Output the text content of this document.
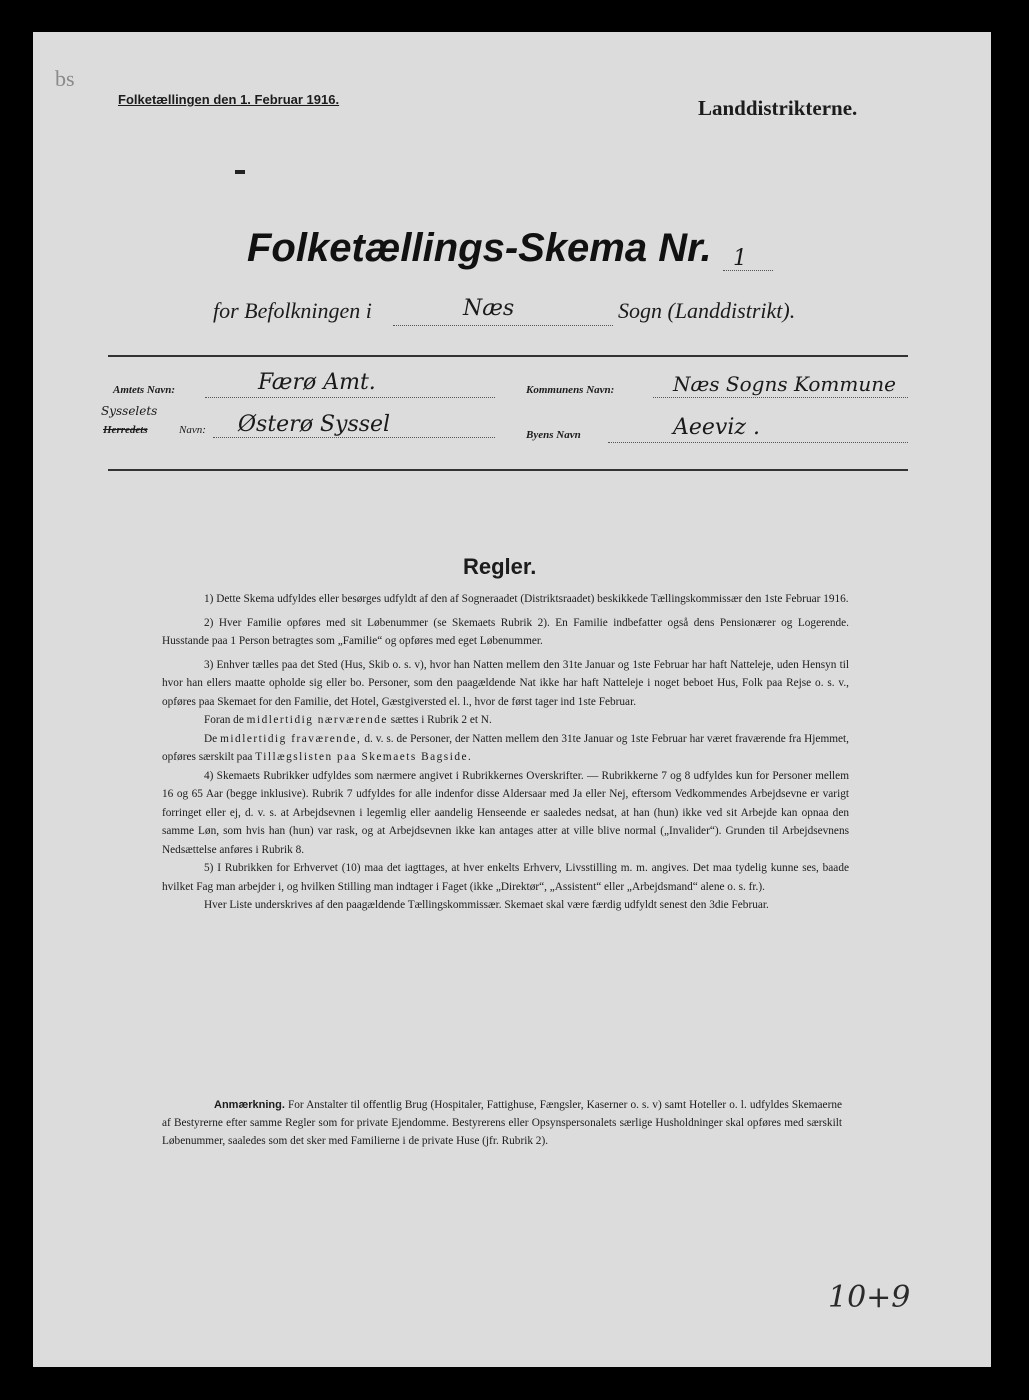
bs
Folketællingen den 1. Februar 1916.	Landdistrikterne.
Folketællings-Skema Nr. 1
for Befolkningen i	Næs	Sogn (Landdistrikt).
Amtets Navn:	Færø Amt.	Kommunens Navn:	Næs Sogns Kommune
Sysselets
Herredets	Navn: Østerø Syssel	Byens Navn	Aeeviz .
Regler.

1) Dette Skema udfyldes eller besørges udfyldt af den af Sogneraadet (Distriktsraadet) beskikkede Tællingskommissær den 1ste Februar 1916.

2) Hver Familie opføres med sit Løbenummer (se Skemaets Rubrik 2). En Familie indbefatter også dens Pensionærer og Logerende. Husstande paa 1 Person betragtes som „Familie“ og opføres med eget Løbenummer.

3) Enhver tælles paa det Sted (Hus, Skib o. s. v), hvor han Natten mellem den 31te Januar og 1ste Februar har haft Natteleje, uden Hensyn til hvor han ellers maatte opholde sig eller bo. Personer, som den paagældende Nat ikke har haft Natteleje i noget beboet Hus, Folk paa Rejse o. s. v., opføres paa Skemaet for den Familie, det Hotel, Gæstgiversted el. l., hvor de først tager ind 1ste Februar.

Foran de midlertidig nærværende sættes i Rubrik 2 et N.

De midlertidig fraværende, d. v. s. de Personer, der Natten mellem den 31te Januar og 1ste Februar har været fraværende fra Hjemmet, opføres særskilt paa Tillægslisten paa Skemaets Bagside.

4) Skemaets Rubrikker udfyldes som nærmere angivet i Rubrikkernes Overskrifter. — Rubrikkerne 7 og 8 udfyldes kun for Personer mellem 16 og 65 Aar (begge inklusive). Rubrik 7 udfyldes for alle indenfor disse Aldersaar med Ja eller Nej, eftersom Vedkommendes Arbejdsevne er varigt forringet eller ej, d. v. s. at Arbejdsevnen i legemlig eller aandelig Henseende er saaledes nedsat, at han (hun) ikke ved sit Arbejde kan opnaa den samme Løn, som hvis han (hun) var rask, og at Arbejdsevnen ikke kan antages atter at ville blive normal („Invalider“). Grunden til Arbejdsevnens Nedsættelse anføres i Rubrik 8.

5) I Rubrikken for Erhvervet (10) maa det iagttages, at hver enkelts Erhverv, Livsstilling m. m. angives. Det maa tydelig kunne ses, baade hvilket Fag man arbejder i, og hvilken Stilling man indtager i Faget (ikke „Direktør“, „Assistent“ eller „Arbejdsmand“ alene o. s. fr.).

Hver Liste underskrives af den paagældende Tællingskommissær. Skemaet skal være færdig udfyldt senest den 3die Februar.

Anmærkning. For Anstalter til offentlig Brug (Hospitaler, Fattighuse, Fængsler, Kaserner o. s. v) samt Hoteller o. l. udfyldes Skemaerne af Bestyrerne efter samme Regler som for private Ejendomme. Bestyrerens eller Opsynspersonalets særlige Husholdninger skal opføres med særskilt Løbenummer, saaledes som det sker med Familierne i de private Huse (jfr. Rubrik 2).
10+9
